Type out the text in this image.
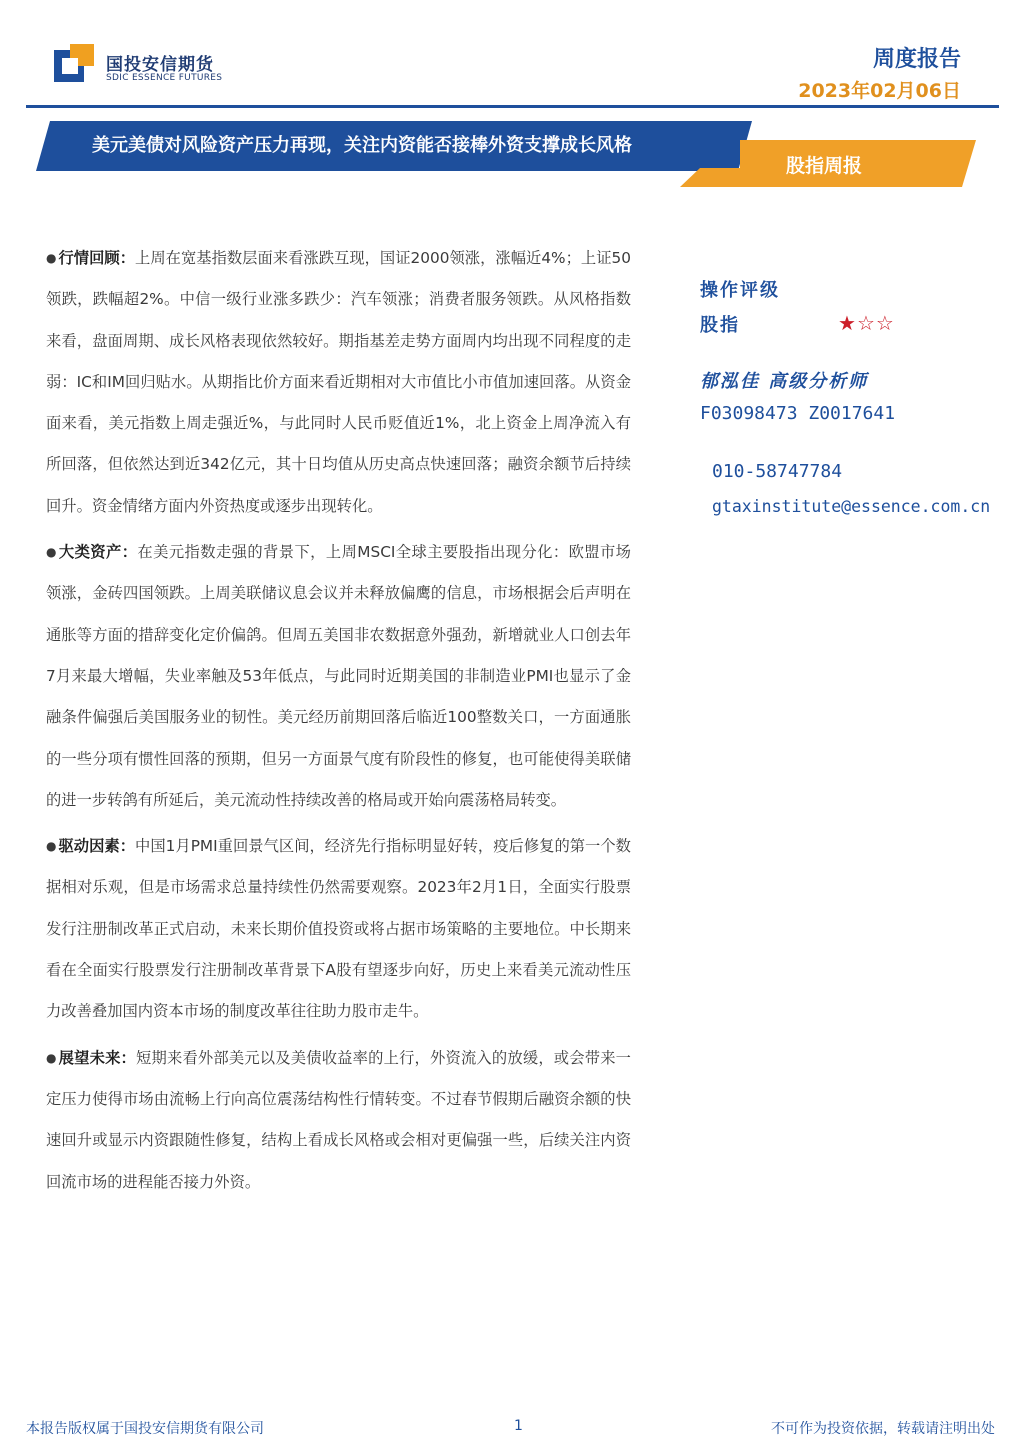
国投安信期货
SDIC ESSENCE FUTURES
周度报告
2023年02月06日
美元美债对风险资产压力再现，关注内资能否接棒外资支撑成长风格
股指周报

● 行情回顾：上周在宽基指数层面来看涨跌互现，国证2000领涨，涨幅近4%；上证50领跌，跌幅超2%。中信一级行业涨多跌少：汽车领涨；消费者服务领跌。从风格指数来看，盘面周期、成长风格表现依然较好。期指基差走势方面周内均出现不同程度的走弱：IC和IM回归贴水。从期指比价方面来看近期相对大市值比小市值加速回落。从资金面来看，美元指数上周走强近%，与此同时人民币贬值近1%，北上资金上周净流入有所回落，但依然达到近342亿元，其十日均值从历史高点快速回落；融资余额节后持续回升。资金情绪方面内外资热度或逐步出现转化。

● 大类资产：在美元指数走强的背景下，上周MSCI全球主要股指出现分化：欧盟市场领涨，金砖四国领跌。上周美联储议息会议并未释放偏鹰的信息，市场根据会后声明在通胀等方面的措辞变化定价偏鸽。但周五美国非农数据意外强劲，新增就业人口创去年7月来最大增幅，失业率触及53年低点，与此同时近期美国的非制造业PMI也显示了金融条件偏强后美国服务业的韧性。美元经历前期回落后临近100整数关口，一方面通胀的一些分项有惯性回落的预期，但另一方面景气度有阶段性的修复，也可能使得美联储的进一步转鸽有所延后，美元流动性持续改善的格局或开始向震荡格局转变。

● 驱动因素：中国1月PMI重回景气区间，经济先行指标明显好转，疫后修复的第一个数据相对乐观，但是市场需求总量持续性仍然需要观察。2023年2月1日，全面实行股票发行注册制改革正式启动，未来长期价值投资或将占据市场策略的主要地位。中长期来看在全面实行股票发行注册制改革背景下A股有望逐步向好，历史上来看美元流动性压力改善叠加国内资本市场的制度改革往往助力股市走牛。

● 展望未来：短期来看外部美元以及美债收益率的上行，外资流入的放缓，或会带来一定压力使得市场由流畅上行向高位震荡结构性行情转变。不过春节假期后融资余额的快速回升或显示内资跟随性修复，结构上看成长风格或会相对更偏强一些，后续关注内资回流市场的进程能否接力外资。

操作评级
股指	★☆☆
郁泓佳 高级分析师
F03098473 Z0017641
010-58747784
gtaxinstitute@essence.com.cn
本报告版权属于国投安信期货有限公司	1	不可作为投资依据，转载请注明出处
